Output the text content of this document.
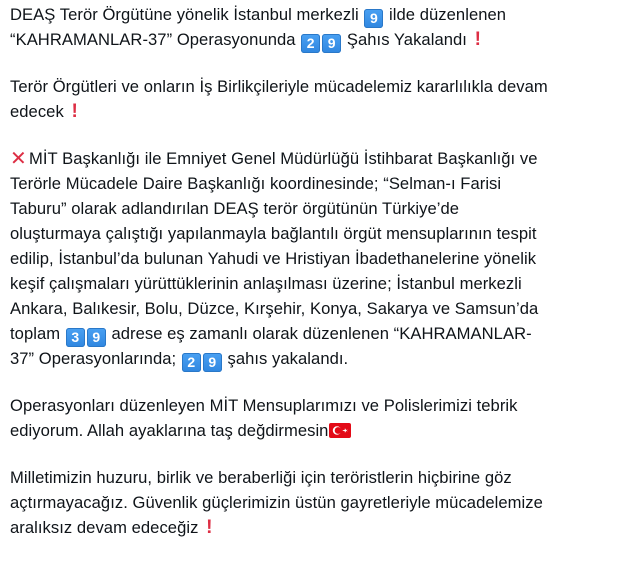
DEAŞ Terör Örgütüne yönelik İstanbul merkezli 9 ilde düzenlenen
“KAHRAMANLAR-37” Operasyonunda 2 9 Şahıs Yakalandı !
Terör Örgütleri ve onların İş Birlikçileriyle mücadelemiz kararlılıkla devam
edecek !
✕ MİT Başkanlığı ile Emniyet Genel Müdürlüğü İstihbarat Başkanlığı ve
Terörle Mücadele Daire Başkanlığı koordinesinde; “Selman-ı Farisi
Taburu” olarak adlandırılan DEAŞ terör örgütünün Türkiye’de
oluşturmaya çalıştığı yapılanmayla bağlantılı örgüt mensuplarının tespit
edilip, İstanbul’da bulunan Yahudi ve Hristiyan İbadethanelerine yönelik
keşif çalışmaları yürüttüklerinin anlaşılması üzerine; İstanbul merkezli
Ankara, Balıkesir, Bolu, Düzce, Kırşehir, Konya, Sakarya ve Samsun’da
toplam 3 9 adrese eş zamanlı olarak düzenlenen “KAHRAMANLAR-
37” Operasyonlarında; 2 9 şahıs yakalandı.
Operasyonları düzenleyen MİT Mensuplarımızı ve Polislerimizi tebrik
ediyorum. Allah ayaklarına taş değdirmesin
Milletimizin huzuru, birlik ve beraberliği için teröristlerin hiçbirine göz
açtırmayacağız. Güvenlik güçlerimizin üstün gayretleriyle mücadelemize
aralıksız devam edeceğiz !
